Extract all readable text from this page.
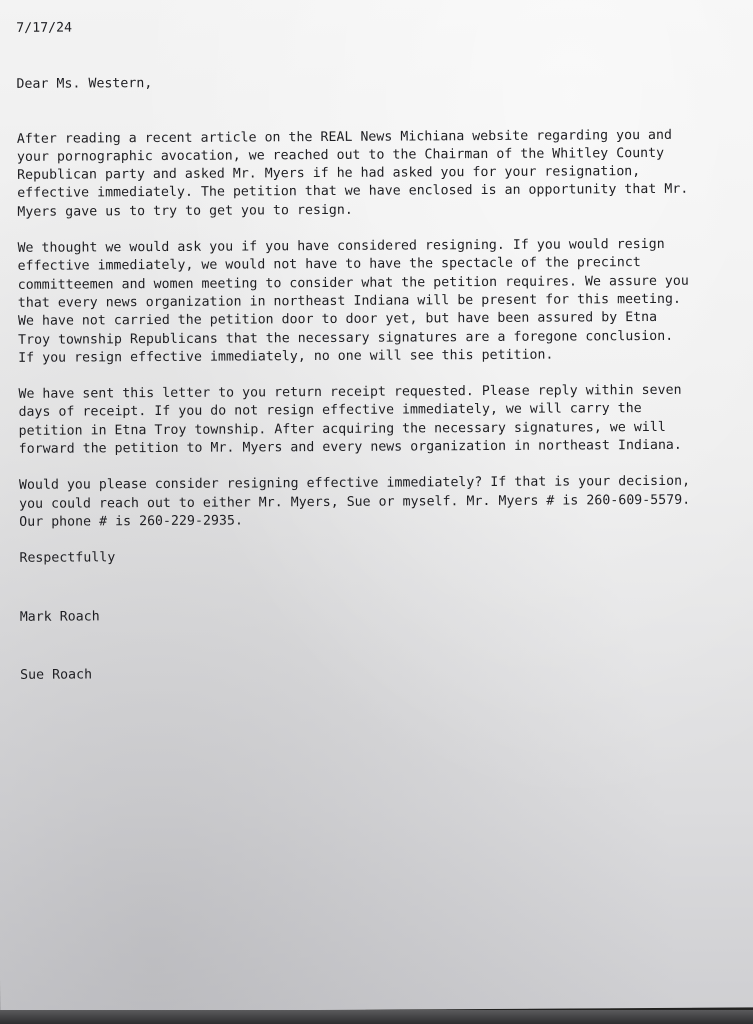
7/17/24
Dear Ms. Western,
After reading a recent article on the REAL News Michiana website regarding you and
your pornographic avocation, we reached out to the Chairman of the Whitley County
Republican party and asked Mr. Myers if he had asked you for your resignation,
effective immediately. The petition that we have enclosed is an opportunity that Mr.
Myers gave us to try to get you to resign.
We thought we would ask you if you have considered resigning. If you would resign
effective immediately, we would not have to have the spectacle of the precinct
committeemen and women meeting to consider what the petition requires. We assure you
that every news organization in northeast Indiana will be present for this meeting.
We have not carried the petition door to door yet, but have been assured by Etna
Troy township Republicans that the necessary signatures are a foregone conclusion.
If you resign effective immediately, no one will see this petition.
We have sent this letter to you return receipt requested. Please reply within seven
days of receipt. If you do not resign effective immediately, we will carry the
petition in Etna Troy township. After acquiring the necessary signatures, we will
forward the petition to Mr. Myers and every news organization in northeast Indiana.
Would you please consider resigning effective immediately? If that is your decision,
you could reach out to either Mr. Myers, Sue or myself. Mr. Myers # is 260-609-5579.
Our phone # is 260-229-2935.
Respectfully
Mark Roach
Sue Roach
